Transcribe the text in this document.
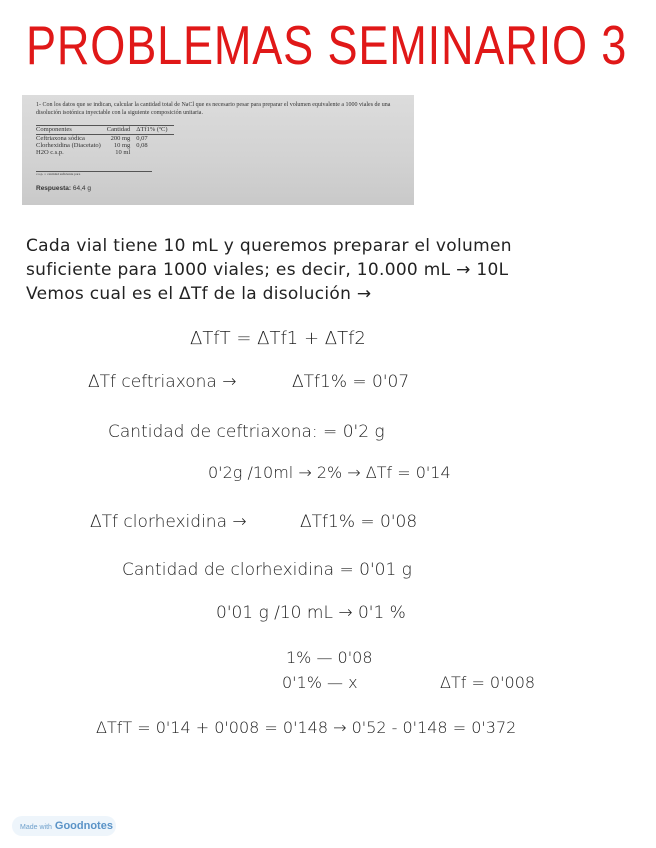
PROBLEMAS SEMINARIO 3
1- Con los datos que se indican, calcular la cantidad total de NaCl que es necesario pesar para preparar el volumen equivalente a 1000 viales de una disolución isotónica inyectable con la siguiente composición unitaria.
Componentes	Cantidad	ΔTf1% (ºC)
Ceftriaxona sódica	200 mg	0,07
Clorhexidina (Diacetato)	10 mg	0,08
H2O c.s.p.	10 ml	
c.s.p. = cantidad suficiente para
Respuesta: 64,4 g
Cada vial tiene 10 mL y queremos preparar el volumen
suficiente para 1000 viales; es decir, 10.000 mL → 10L
Vemos cual es el ΔTf de la disolución →
ΔTfT = ΔTf1 + ΔTf2
ΔTf ceftriaxona →	ΔTf1% = 0'07
Cantidad de ceftriaxona: = 0'2 g
0'2g /10ml → 2% → ΔTf = 0'14
ΔTf clorhexidina →	ΔTf1% = 0'08
Cantidad de clorhexidina = 0'01 g
0'01 g /10 mL → 0'1 %
1% — 0'08
0'1% — x	ΔTf = 0'008
ΔTfT = 0'14 + 0'008 = 0'148 → 0'52 - 0'148 = 0'372
Made with Goodnotes
